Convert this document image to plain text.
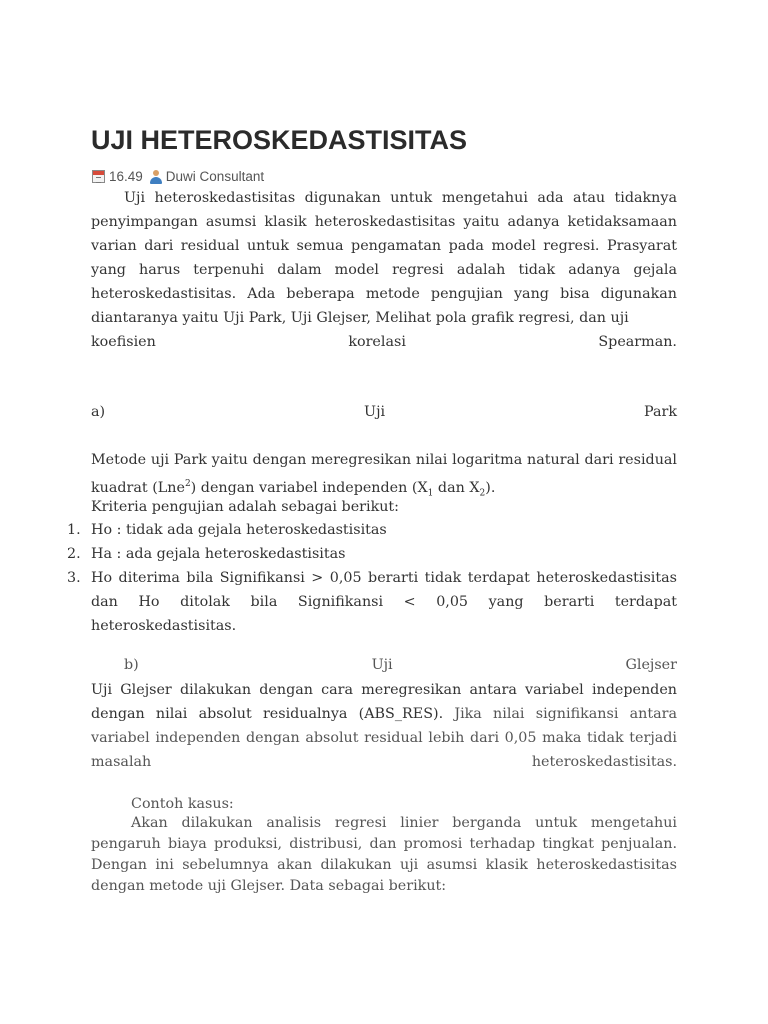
UJI HETEROSKEDASTISITAS
16.49 Duwi Consultant

Uji heteroskedastisitas digunakan untuk mengetahui ada atau tidaknya penyimpangan asumsi klasik heteroskedastisitas yaitu adanya ketidaksamaan varian dari residual untuk semua pengamatan pada model regresi. Prasyarat yang harus terpenuhi dalam model regresi adalah tidak adanya gejala heteroskedastisitas. Ada beberapa metode pengujian yang bisa digunakan diantaranya yaitu Uji Park, Uji Glejser, Melihat pola grafik regresi, dan uji

koefisien	korelasi	Spearman.
a)	Uji	Park

Metode uji Park yaitu dengan meregresikan nilai logaritma natural dari residual kuadrat (Lne$^2$) dengan variabel independen ($X_1$ dan $X_2$).

Kriteria pengujian adalah sebagai berikut:

1. Ho : tidak ada gejala heteroskedastisitas
2. Ha : ada gejala heteroskedastisitas
3. Ho diterima bila Signifikansi > 0,05 berarti tidak terdapat heteroskedastisitas dan Ho ditolak bila Signifikansi < 0,05 yang berarti terdapat heteroskedastisitas.
b)	Uji	Glejser

Uji Glejser dilakukan dengan cara meregresikan antara variabel independen dengan nilai absolut residualnya (ABS_RES). Jika nilai signifikansi antara variabel independen dengan absolut residual lebih dari 0,05 maka tidak terjadi masalah heteroskedastisitas.

Contoh kasus:

Akan dilakukan analisis regresi linier berganda untuk mengetahui pengaruh biaya produksi, distribusi, dan promosi terhadap tingkat penjualan. Dengan ini sebelumnya akan dilakukan uji asumsi klasik heteroskedastisitas dengan metode uji Glejser. Data sebagai berikut:
